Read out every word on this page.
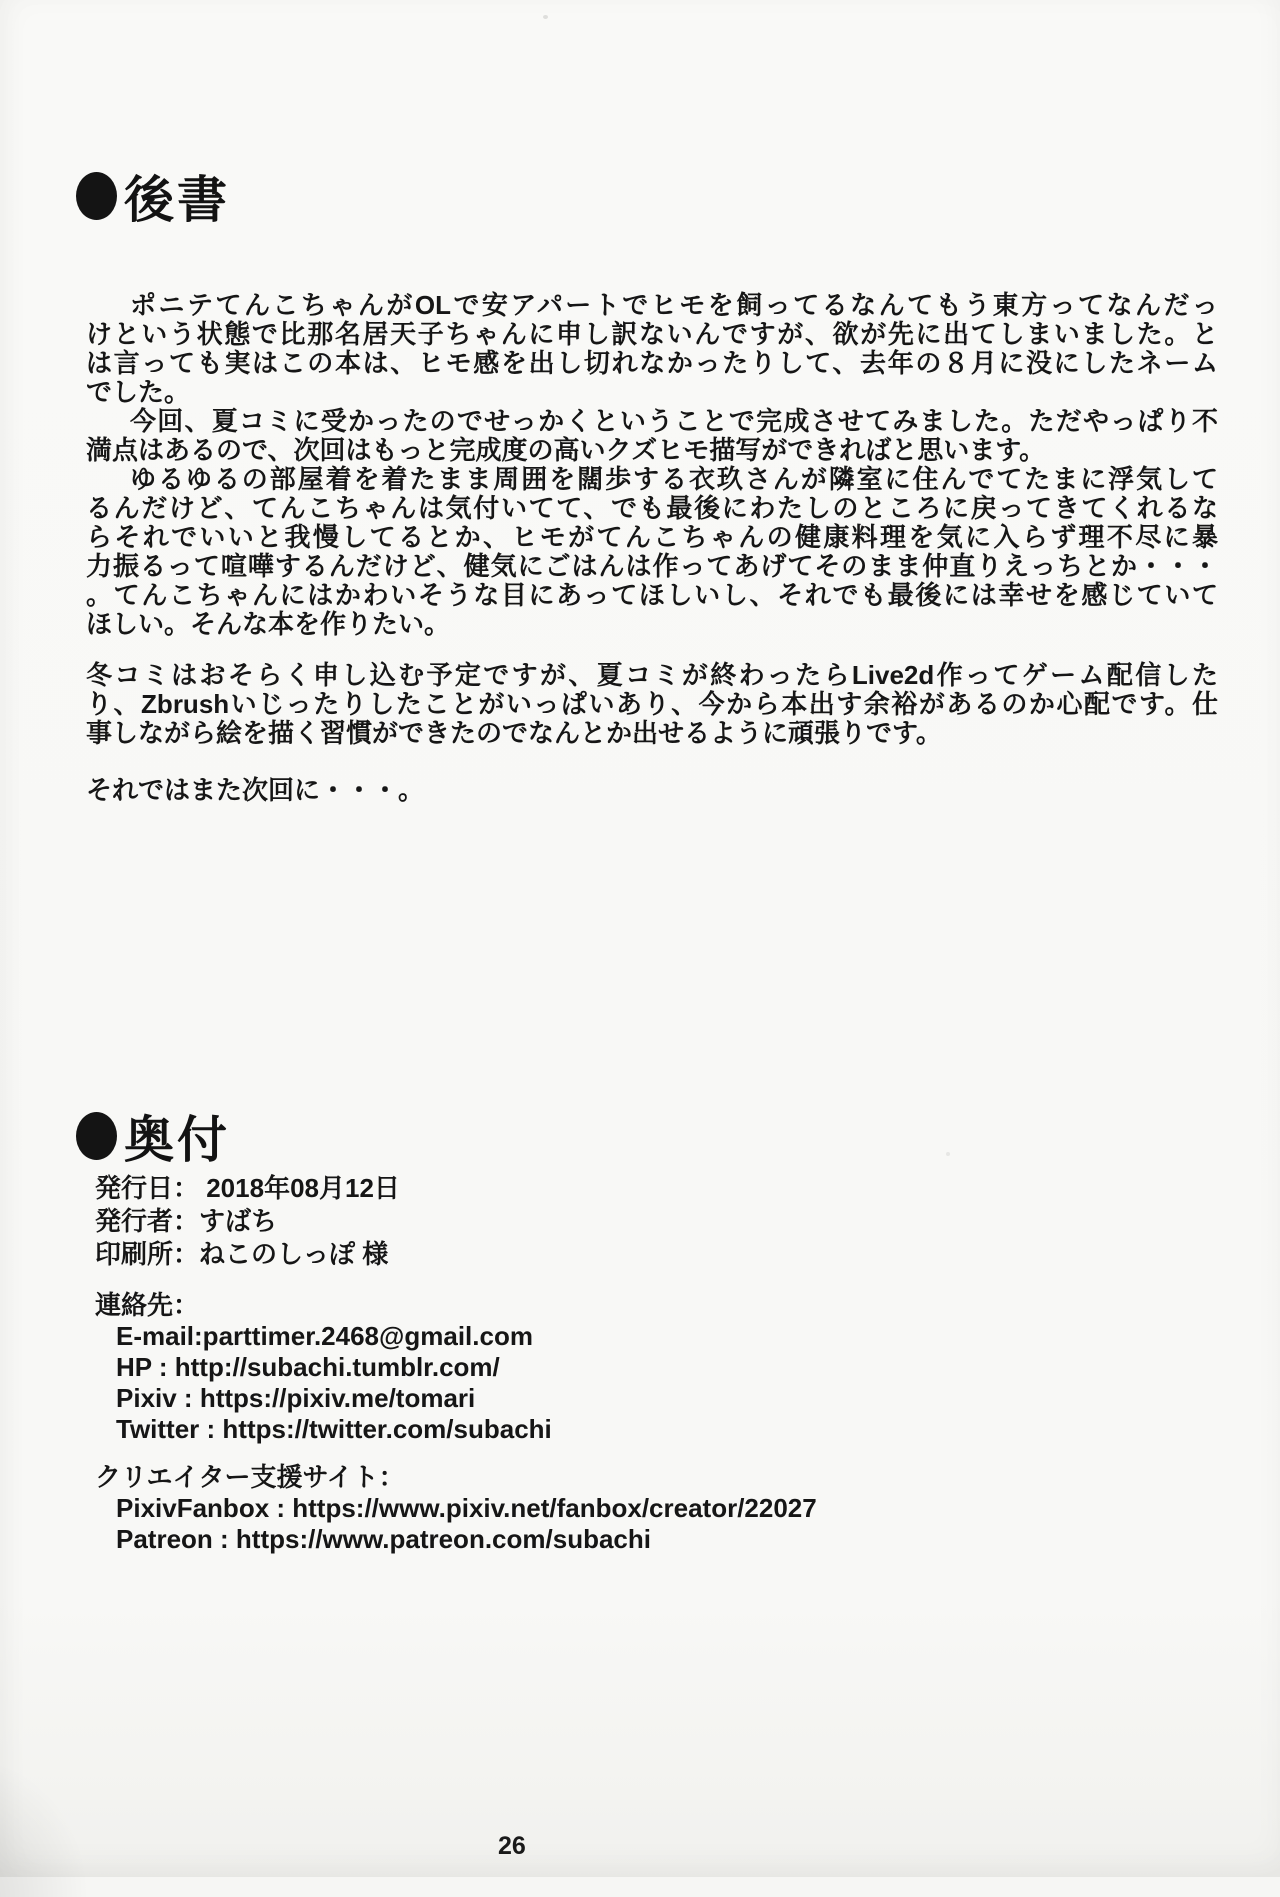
後書
ポニテてんこちゃんがOLで安アパートでヒモを飼ってるなんてもう東方ってなんだっ
けという状態で比那名居天子ちゃんに申し訳ないんですが、欲が先に出てしまいました。と
は言っても実はこの本は、ヒモ感を出し切れなかったりして、去年の８月に没にしたネーム
でした。
今回、夏コミに受かったのでせっかくということで完成させてみました。ただやっぱり不
満点はあるので、次回はもっと完成度の高いクズヒモ描写ができればと思います。
ゆるゆるの部屋着を着たまま周囲を闊歩する衣玖さんが隣室に住んでてたまに浮気して
るんだけど、てんこちゃんは気付いてて、でも最後にわたしのところに戻ってきてくれるな
らそれでいいと我慢してるとか、ヒモがてんこちゃんの健康料理を気に入らず理不尽に暴
力振るって喧嘩するんだけど、健気にごはんは作ってあげてそのまま仲直りえっちとか・・・
。てんこちゃんにはかわいそうな目にあってほしいし、それでも最後には幸せを感じていて
ほしい。そんな本を作りたい。
冬コミはおそらく申し込む予定ですが、夏コミが終わったらLive2d作ってゲーム配信した
り、Zbrushいじったりしたことがいっぱいあり、今から本出す余裕があるのか心配です。仕
事しながら絵を描く習慣ができたのでなんとか出せるように頑張りです。
それではまた次回に・・・。
奥付
発行日： 2018年08月12日
発行者：すばち
印刷所：ねこのしっぽ 様
連絡先：
E-mail:parttimer.2468@gmail.com
HP : http://subachi.tumblr.com/
Pixiv : https://pixiv.me/tomari
Twitter : https://twitter.com/subachi
クリエイター支援サイト：
PixivFanbox : https://www.pixiv.net/fanbox/creator/22027
Patreon : https://www.patreon.com/subachi
26
